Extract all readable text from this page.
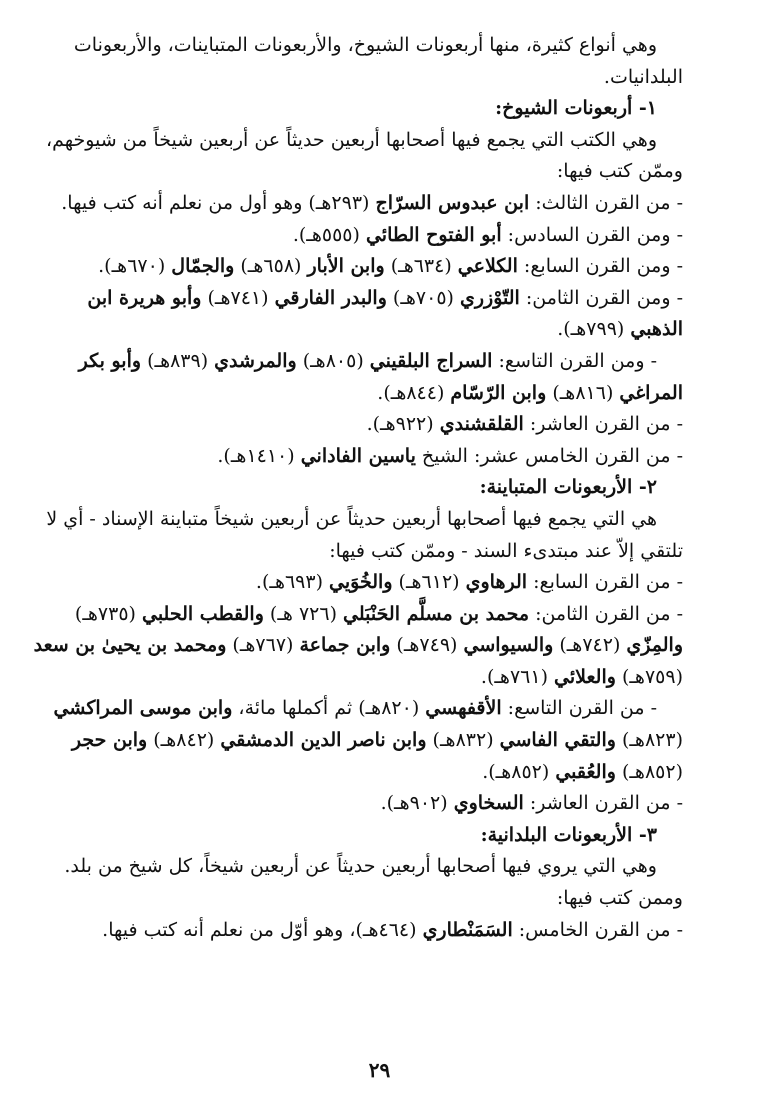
وهي أنواع كثيرة، منها أربعونات الشيوخ، والأربعونات المتباينات، والأربعونات

البلدانيات.

١- أربعونات الشيوخ:

وهي الكتب التي يجمع فيها أصحابها أربعين حديثاً عن أربعين شيخاً من شيوخهم،

وممّن كتب فيها:

- من القرن الثالث: ابن عبدوس السرّاج (٢٩٣هـ) وهو أول من نعلم أنه كتب فيها.

- ومن القرن السادس: أبو الفتوح الطائي (٥٥٥هـ).

- ومن القرن السابع: الكلاعي (٦٣٤هـ) وابن الأبار (٦٥٨هـ) والجمّال (٦٧٠هـ).

- ومن القرن الثامن: التّوْزري (٧٠٥هـ) والبدر الفارقي (٧٤١هـ) وأبو هريرة ابن

الذهبي (٧٩٩هـ).

- ومن القرن التاسع: السراج البلقيني (٨٠٥هـ) والمرشدي (٨٣٩هـ) وأبو بكر

المراغي (٨١٦هـ) وابن الرّسّام (٨٤٤هـ).

- من القرن العاشر: القلقشندي (٩٢٢هـ).

- من القرن الخامس عشر: الشيخ ياسين الفاداني (١٤١٠هـ).

٢- الأربعونات المتباينة:

هي التي يجمع فيها أصحابها أربعين حديثاً عن أربعين شيخاً متباينة الإسناد - أي لا

تلتقي إلاّ عند مبتدىء السند - وممّن كتب فيها:

- من القرن السابع: الرهاوي (٦١٢هـ) والخُوَيي (٦٩٣هـ).

- من القرن الثامن: محمد بن مسلَّم الحَنْبَلي (٧٢٦ هـ) والقطب الحلبي (٧٣٥هـ)

والمِزّي (٧٤٢هـ) والسيواسي (٧٤٩هـ) وابن جماعة (٧٦٧هـ) ومحمد بن يحيىٰ بن سعد

(٧٥٩هـ) والعلائي (٧٦١هـ).

- من القرن التاسع: الأقفهسي (٨٢٠هـ) ثم أكملها مائة، وابن موسى المراكشي

(٨٢٣هـ) والتقي الفاسي (٨٣٢هـ) وابن ناصر الدين الدمشقي (٨٤٢هـ) وابن حجر

(٨٥٢هـ) والعُقبي (٨٥٢هـ).

- من القرن العاشر: السخاوي (٩٠٢هـ).

٣- الأربعونات البلدانية:

وهي التي يروي فيها أصحابها أربعين حديثاً عن أربعين شيخاً، كل شيخ من بلد.

وممن كتب فيها:

- من القرن الخامس: السَمَنْطاري (٤٦٤هـ)، وهو أوّل من نعلم أنه كتب فيها.

٢٩
